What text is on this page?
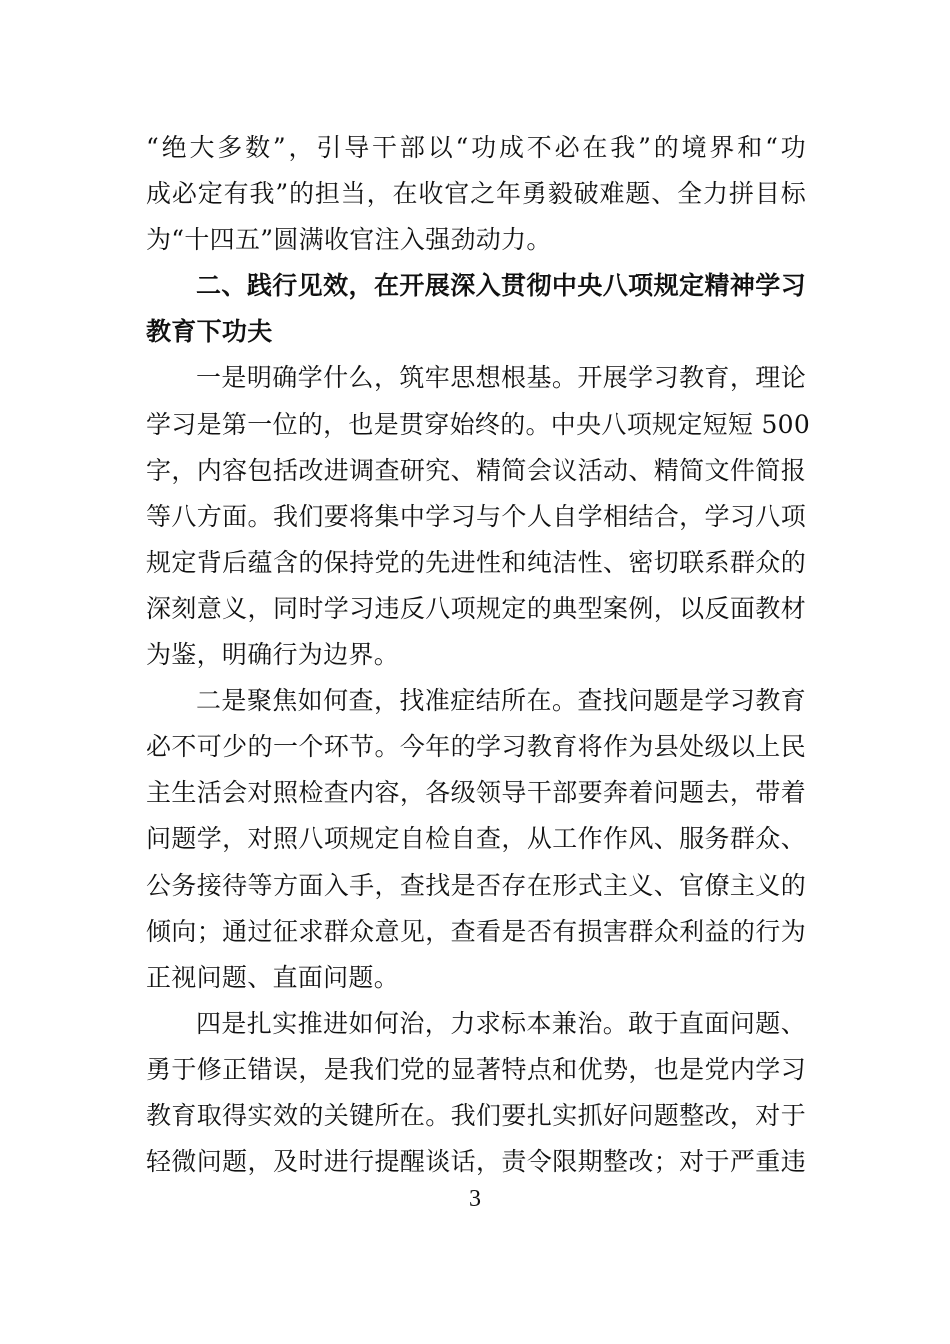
“绝大多数”，引导干部以“功成不必在我”的境界和“功
成必定有我”的担当，在收官之年勇毅破难题、全力拼目标
为“十四五”圆满收官注入强劲动力。
二、践行见效，在开展深入贯彻中央八项规定精神学习
教育下功夫
一是明确学什么，筑牢思想根基。开展学习教育，理论
学习是第一位的，也是贯穿始终的。中央八项规定短短 500
字，内容包括改进调查研究、精简会议活动、精简文件简报
等八方面。我们要将集中学习与个人自学相结合，学习八项
规定背后蕴含的保持党的先进性和纯洁性、密切联系群众的
深刻意义，同时学习违反八项规定的典型案例，以反面教材
为鉴，明确行为边界。
二是聚焦如何查，找准症结所在。查找问题是学习教育
必不可少的一个环节。今年的学习教育将作为县处级以上民
主生活会对照检查内容，各级领导干部要奔着问题去，带着
问题学，对照八项规定自检自查，从工作作风、服务群众、
公务接待等方面入手，查找是否存在形式主义、官僚主义的
倾向；通过征求群众意见，查看是否有损害群众利益的行为
正视问题、直面问题。
四是扎实推进如何治，力求标本兼治。敢于直面问题、
勇于修正错误，是我们党的显著特点和优势，也是党内学习
教育取得实效的关键所在。我们要扎实抓好问题整改，对于
轻微问题，及时进行提醒谈话，责令限期整改；对于严重违
3
